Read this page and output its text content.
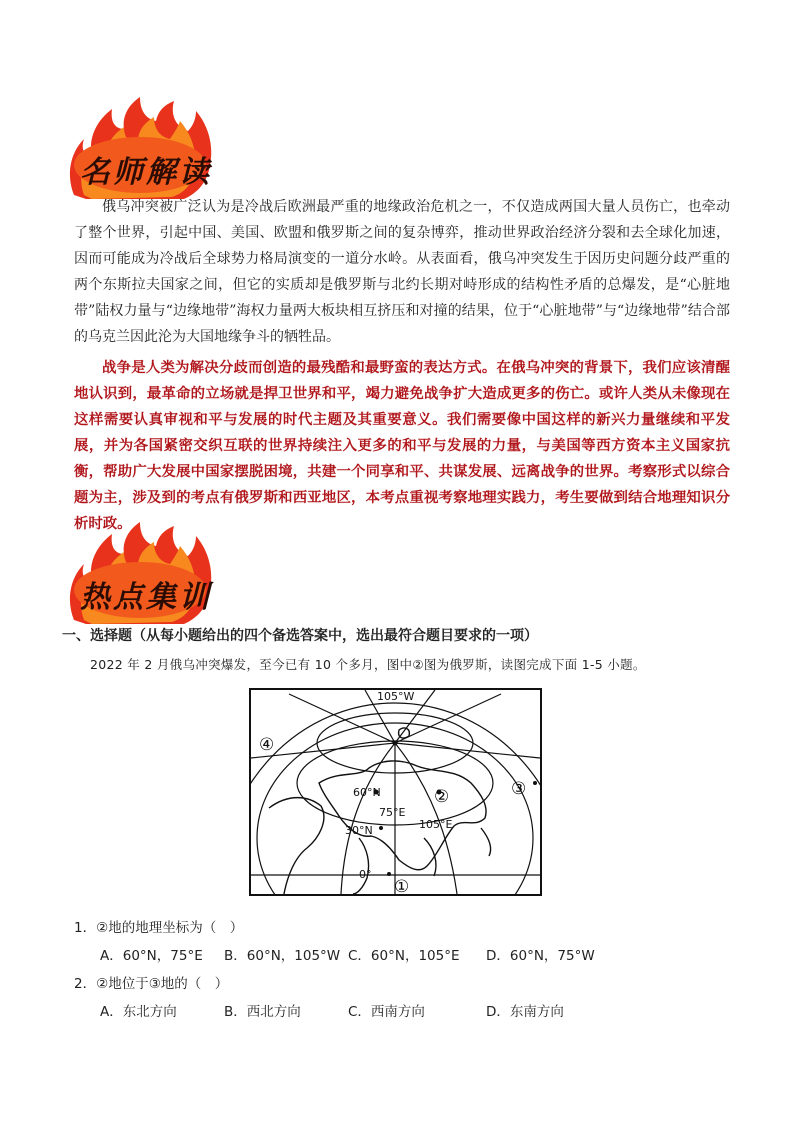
名师解读
俄乌冲突被广泛认为是冷战后欧洲最严重的地缘政治危机之一，不仅造成两国大量人员伤亡，也牵动了整个世界，引起中国、美国、欧盟和俄罗斯之间的复杂博弈，推动世界政治经济分裂和去全球化加速，因而可能成为冷战后全球势力格局演变的一道分水岭。从表面看，俄乌冲突发生于因历史问题分歧严重的两个东斯拉夫国家之间，但它的实质却是俄罗斯与北约长期对峙形成的结构性矛盾的总爆发，是“心脏地带”陆权力量与“边缘地带”海权力量两大板块相互挤压和对撞的结果，位于“心脏地带”与“边缘地带”结合部的乌克兰因此沦为大国地缘争斗的牺牲品。
战争是人类为解决分歧而创造的最残酷和最野蛮的表达方式。在俄乌冲突的背景下，我们应该清醒地认识到，最革命的立场就是捍卫世界和平，竭力避免战争扩大造成更多的伤亡。或许人类从未像现在这样需要认真审视和平与发展的时代主题及其重要意义。我们需要像中国这样的新兴力量继续和平发展，并为各国紧密交织互联的世界持续注入更多的和平与发展的力量，与美国等西方资本主义国家抗衡，帮助广大发展中国家摆脱困境，共建一个同享和平、共谋发展、远离战争的世界。考察形式以综合题为主，涉及到的考点有俄罗斯和西亚地区，本考点重视考察地理实践力，考生要做到结合地理知识分析时政。
热点集训
一、选择题（从每小题给出的四个备选答案中，选出最符合题目要求的一项）
2022 年 2 月俄乌冲突爆发，至今已有 10 个多月，图中②图为俄罗斯，读图完成下面 1-5 小题。
105°W
60°N
30°N
0°
75°E
105°E
①
②	③
④
1．②地的地理坐标为（　）
A．60°N，75°E B．60°N，105°W C．60°N，105°E D．60°N，75°W
2．②地位于③地的（　）
A．东北方向	B．西北方向	C．西南方向	D．东南方向
